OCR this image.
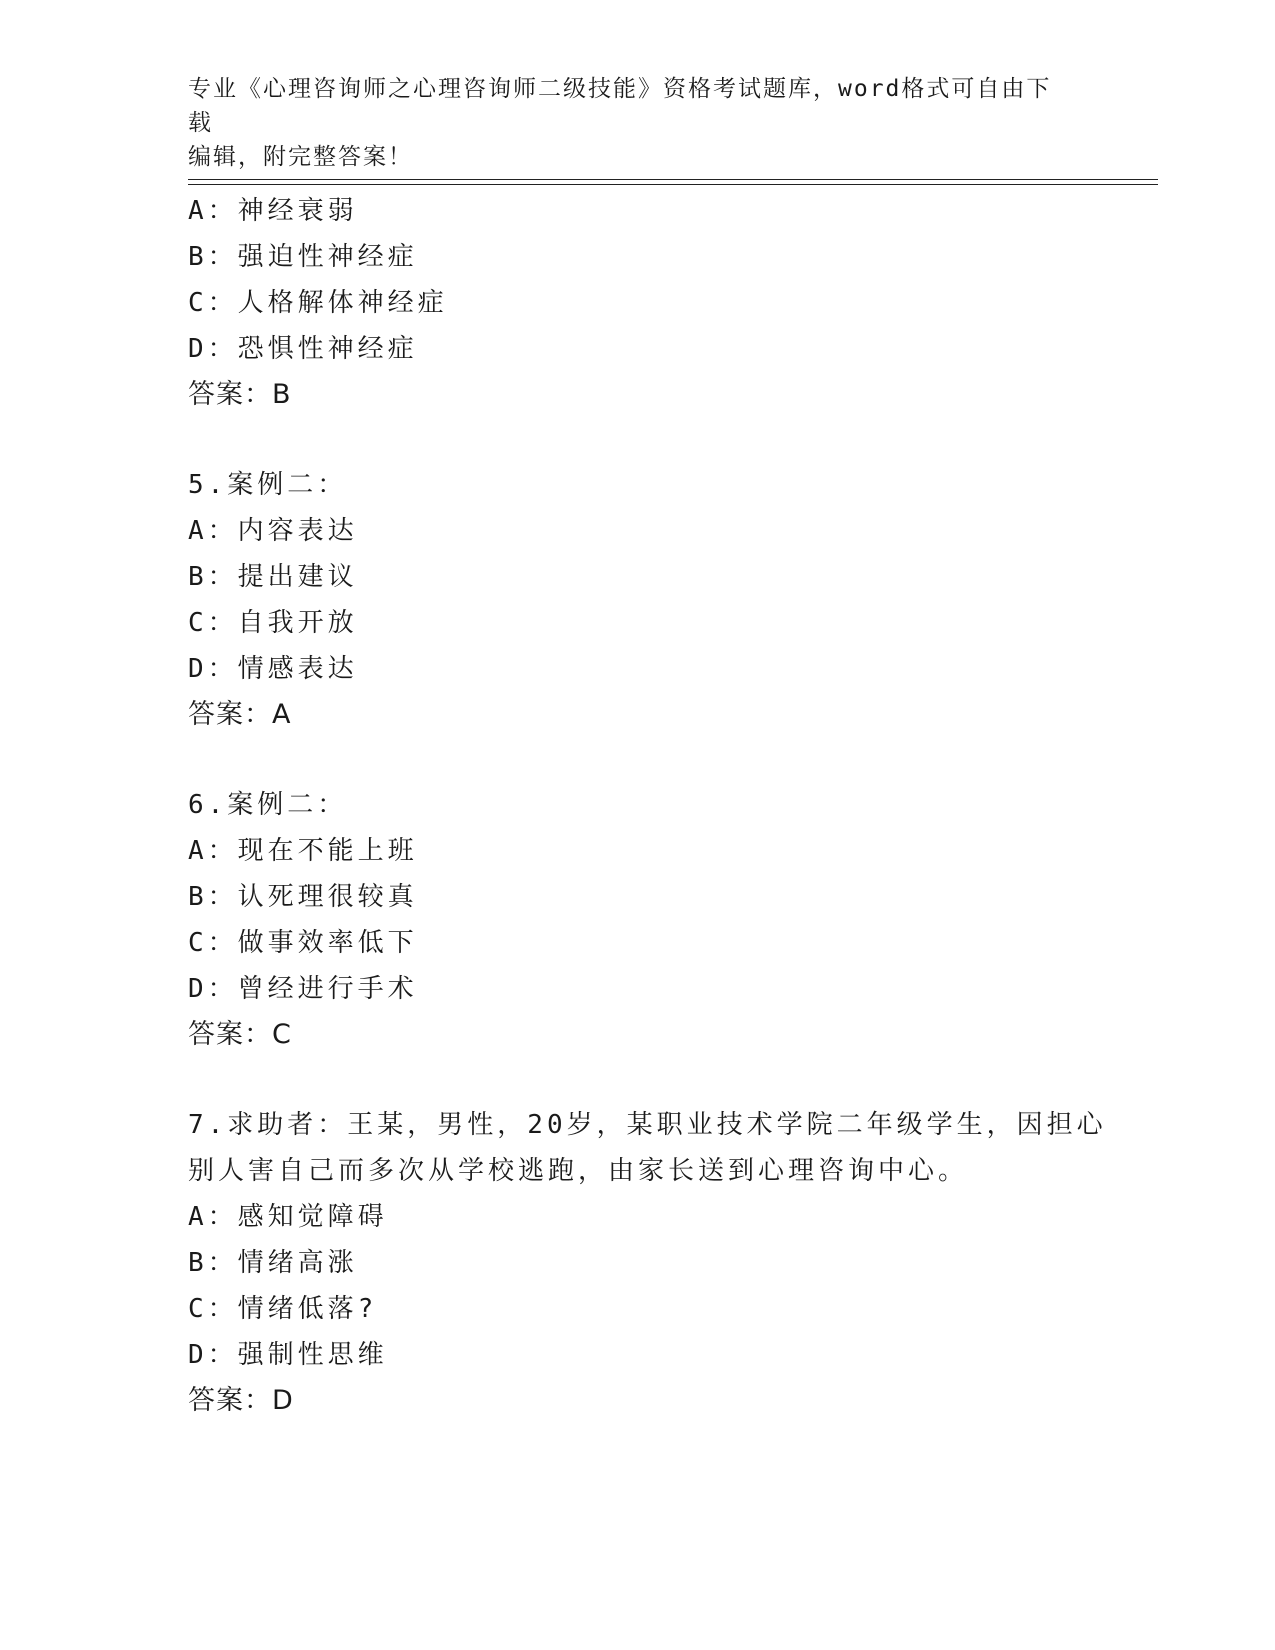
专业《心理咨询师之心理咨询师二级技能》资格考试题库，word格式可自由下载
编辑，附完整答案！
A：神经衰弱
B：强迫性神经症
C：人格解体神经症
D：恐惧性神经症
答案：B
5.案例二：
A：内容表达
B：提出建议
C：自我开放
D：情感表达
答案：A
6.案例二：
A：现在不能上班
B：认死理很较真
C：做事效率低下
D：曾经进行手术
答案：C
7.求助者：王某，男性，20岁，某职业技术学院二年级学生，因担心
别人害自己而多次从学校逃跑，由家长送到心理咨询中心。
A：感知觉障碍
B：情绪高涨
C：情绪低落?
D：强制性思维
答案：D
